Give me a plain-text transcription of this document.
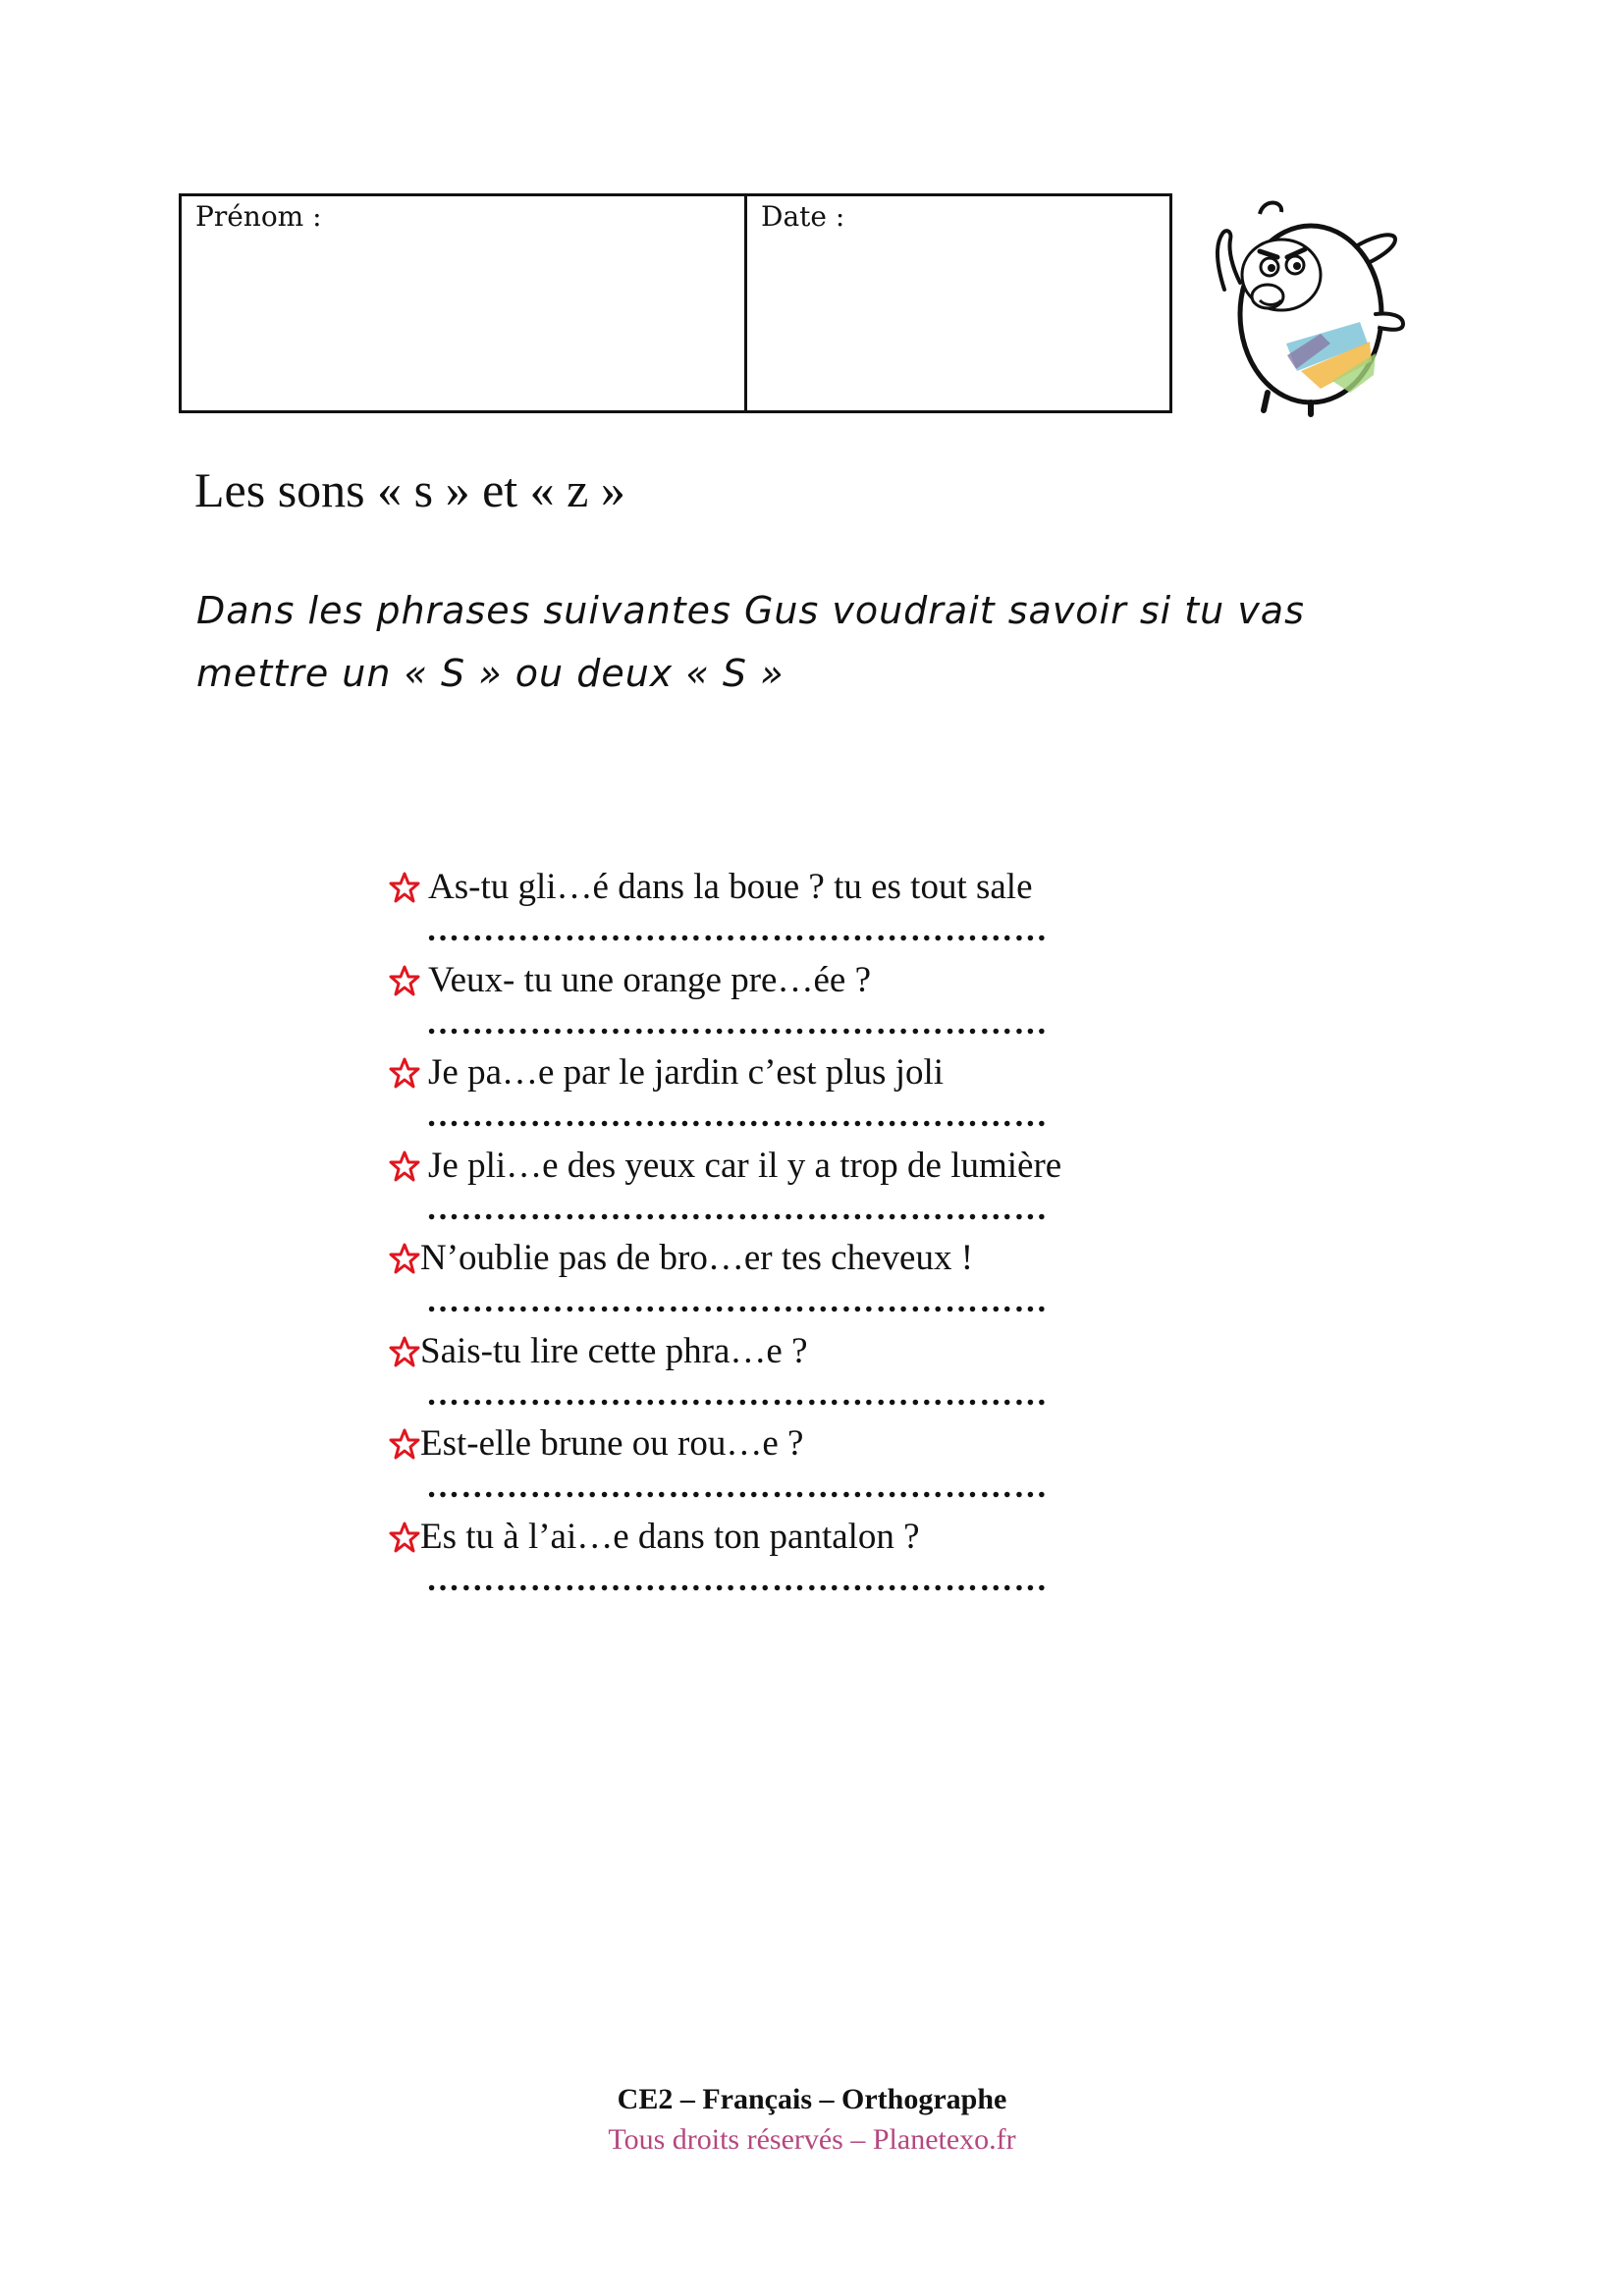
Prénom :	Date :
Les sons « s » et « z »

Dans les phrases suivantes Gus voudrait savoir si tu vas mettre un « S » ou deux « S »

As-tu gli…é dans la boue ? tu es tout sale
………………………………………………
Veux- tu une orange pre…ée ?
………………………………………………
Je pa…e par le jardin c’est plus joli
………………………………………………
Je pli…e des yeux car il y a trop de lumière
………………………………………………
N’oublie pas de bro…er tes cheveux !
………………………………………………
Sais-tu lire cette phra…e ?
………………………………………………
Est-elle brune ou rou…e ?
………………………………………………
Es tu à l’ai…e dans ton pantalon ?
………………………………………………
CE2 – Français – Orthographe
Tous droits réservés – Planetexo.fr
